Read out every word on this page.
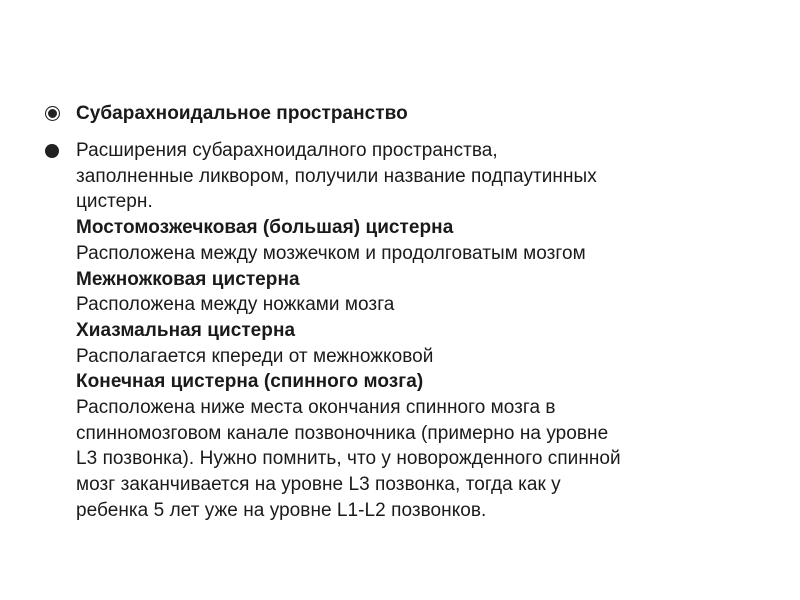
Субарахноидальное пространство
Расширения субарахноидалного пространства,
заполненные ликвором, получили название подпаутинных
цистерн.
Мостомозжечковая (большая) цистерна
Расположена между мозжечком и продолговатым мозгом
Межножковая цистерна
Расположена между ножками мозга
Хиазмальная цистерна
Располагается кпереди от межножковой
Конечная цистерна (спинного мозга)
Расположена ниже места окончания спинного мозга в
спинномозговом канале позвоночника (примерно на уровне
L3 позвонка). Нужно помнить, что у новорожденного спинной
мозг заканчивается на уровне L3 позвонка, тогда как у
ребенка 5 лет уже на уровне L1-L2 позвонков.
